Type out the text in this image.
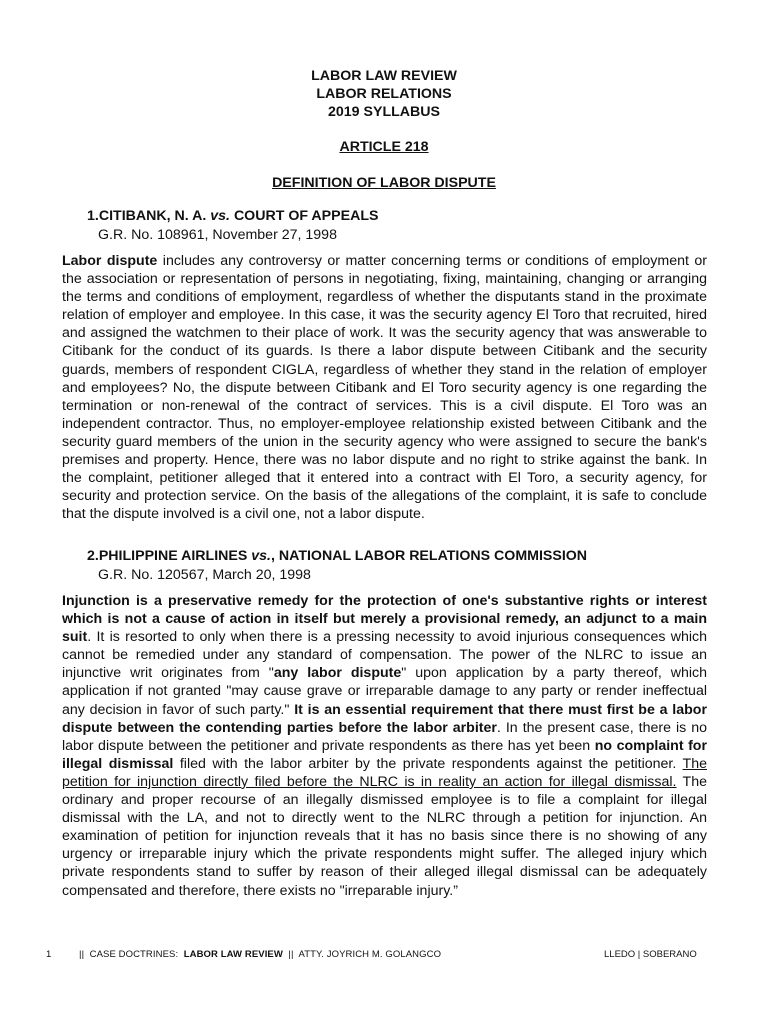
LABOR LAW REVIEW
LABOR RELATIONS
2019 SYLLABUS
ARTICLE 218
DEFINITION OF LABOR DISPUTE
1.CITIBANK, N. A. vs. COURT OF APPEALS
G.R. No. 108961, November 27, 1998
Labor dispute includes any controversy or matter concerning terms or conditions of employment or the association or representation of persons in negotiating, fixing, maintaining, changing or arranging the terms and conditions of employment, regardless of whether the disputants stand in the proximate relation of employer and employee. In this case, it was the security agency El Toro that recruited, hired and assigned the watchmen to their place of work. It was the security agency that was answerable to Citibank for the conduct of its guards. Is there a labor dispute between Citibank and the security guards, members of respondent CIGLA, regardless of whether they stand in the relation of employer and employees? No, the dispute between Citibank and El Toro security agency is one regarding the termination or non-renewal of the contract of services. This is a civil dispute. El Toro was an independent contractor. Thus, no employer-employee relationship existed between Citibank and the security guard members of the union in the security agency who were assigned to secure the bank's premises and property. Hence, there was no labor dispute and no right to strike against the bank. In the complaint, petitioner alleged that it entered into a contract with El Toro, a security agency, for security and protection service. On the basis of the allegations of the complaint, it is safe to conclude that the dispute involved is a civil one, not a labor dispute.
2.PHILIPPINE AIRLINES vs., NATIONAL LABOR RELATIONS COMMISSION
G.R. No. 120567, March 20, 1998
Injunction is a preservative remedy for the protection of one's substantive rights or interest which is not a cause of action in itself but merely a provisional remedy, an adjunct to a main suit. It is resorted to only when there is a pressing necessity to avoid injurious consequences which cannot be remedied under any standard of compensation. The power of the NLRC to issue an injunctive writ originates from "any labor dispute" upon application by a party thereof, which application if not granted "may cause grave or irreparable damage to any party or render ineffectual any decision in favor of such party." It is an essential requirement that there must first be a labor dispute between the contending parties before the labor arbiter. In the present case, there is no labor dispute between the petitioner and private respondents as there has yet been no complaint for illegal dismissal filed with the labor arbiter by the private respondents against the petitioner. The petition for injunction directly filed before the NLRC is in reality an action for illegal dismissal. The ordinary and proper recourse of an illegally dismissed employee is to file a complaint for illegal dismissal with the LA, and not to directly went to the NLRC through a petition for injunction. An examination of petition for injunction reveals that it has no basis since there is no showing of any urgency or irreparable injury which the private respondents might suffer. The alleged injury which private respondents stand to suffer by reason of their alleged illegal dismissal can be adequately compensated and therefore, there exists no "irreparable injury.”
1	||  CASE DOCTRINES:  LABOR LAW REVIEW  ||  ATTY. JOYRICH M. GOLANGCO	LLEDO | SOBERANO
